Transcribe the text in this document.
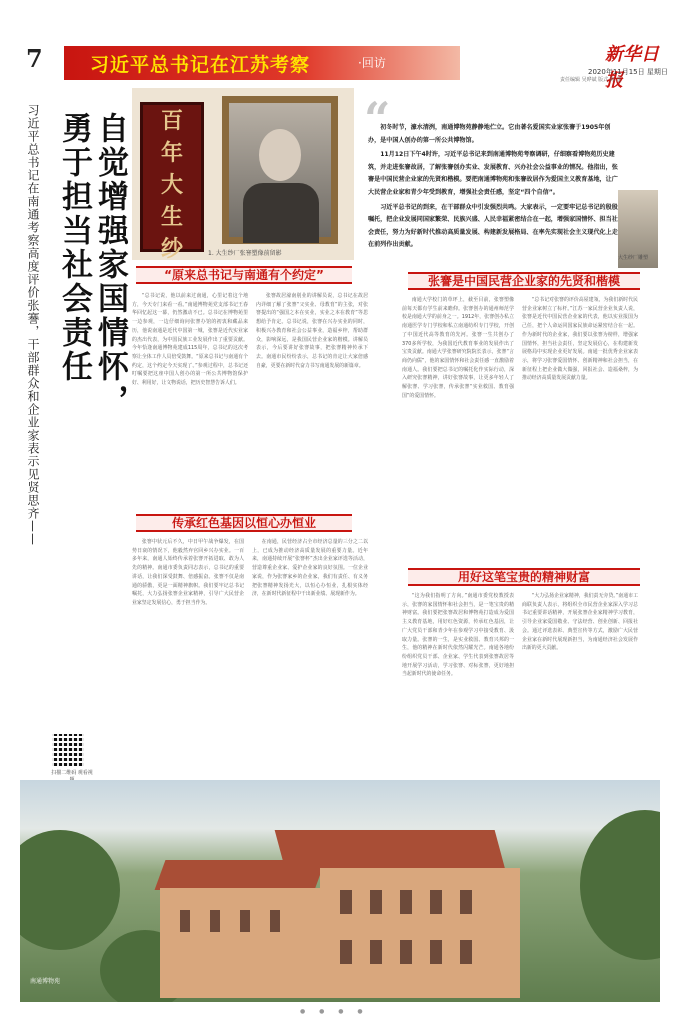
7 习近平总书记在江苏考察	·回访	新华日报
2020年11月15日 星期日
责任编辑 吴晔斌 版式 陈 遂
习近平总书记在南通考察高度评价张謇，干部群众和企业家表示见贤思齐—— 自觉增强家国情怀，
勇于担当社会责任	百
年
大
生
纱	1. 大生纱厂张謇塑像前留影
“

初冬时节，濠水清洌，南通博物苑静静地伫立。它由著名爱国实业家张謇于1905年创办，是中国人创办的第一所公共博物馆。

11月12日下午4时许，习近平总书记来到南通博物苑考察调研，仔细察看博物苑历史建筑，并走进张謇故居，了解张謇创办实业、发展教育、兴办社会公益事业的情况。他指出，张謇是中国民营企业家的先贤和楷模。要把南通博物苑和张謇故居作为爱国主义教育基地，让广大民营企业家和青少年受到教育，增强社会责任感，坚定“四个自信”。

习近平总书记的到来，在干部群众中引发强烈共鸣。大家表示，一定要牢记总书记的殷殷嘱托，把企业发展同国家繁荣、民族兴盛、人民幸福紧密结合在一起，增强家国情怀、担当社会责任，努力为好新时代推动高质量发展、构建新发展格局、在率先实现社会主义现代化上走在前列作出贡献。

大生纱厂雕塑
“原来总书记与南通有个约定”	张謇是中国民营企业家的先贤和楷模
传承红色基因以恒心办恒业
用好这笔宝贵的精神财富
“总书记说，他以前来过南通，心里记着这个地方，今天专门来看一看。”南通博物苑党支部书记王春华回忆起这一幕，仍然激动不已。总书记在博物苑里一边参观，一边仔细询问张謇办馆的初衷和藏品来历，他说南通是近代中国第一城，张謇是近代实业家的杰出代表，为中国民族工业发展作出了重要贡献。今年恰逢南通博物苑建成115周年，总书记的这次考察让全体工作人员倍受鼓舞。“原来总书记与南通有个约定，这个约定今天实现了。”参观过程中，总书记还叮嘱要把这座中国人创办的第一所公共博物馆保护好、利用好，让文物说话，把历史智慧告诉人们。
张謇故居濠南别业的讲解员说，总书记在故居内详细了解了张謇“父实业、母教育”的主张，对张謇提出的“强国之本在实业，实业之本在教育”等思想给予肯定。总书记说，张謇在兴办实业的同时，积极兴办教育和社会公益事业，造福乡梓，帮助群众，影响深远，是我国民营企业家的楷模。讲解员表示，今后要讲好张謇故事，把张謇精神传承下去。南通市民纷纷表示，总书记的肯定让大家倍感自豪，更要在新时代奋力书写南通发展的新篇章。
张謇中状元后不久，中日甲午战争爆发，在国势日衰的情况下，他毅然弃官回乡兴办实业。一百多年来，南通人始终传承着张謇开拓进取、敢为人先的精神。南通市委负责同志表示，总书记的重要讲话，让我们深受鼓舞、倍感振奋。张謇不仅是南通的骄傲，更是一面精神旗帜。我们要牢记总书记嘱托，大力弘扬张謇企业家精神，引导广大民营企业家坚定发展信心，勇于担当作为。
在南通，民营经济占全市经济总量的三分之二以上，已成为推动经济高质量发展的重要力量。近年来，南通持续开展“张謇杯”杰出企业家评选等活动，营造尊重企业家、爱护企业家的良好氛围。一位企业家说，作为张謇家乡的企业家，我们有责任、有义务把张謇精神发扬光大，以恒心办恒业，扎根实体经济，在新时代新征程中干出新业绩、展现新作为。
南通大学校门的草坪上，截至目前，张謇塑像前每天都有学生前来瞻仰。张謇创办的通州师范学校是南通大学的前身之一。1912年，张謇创办私立南通医学专门学校和私立南通纺织专门学校，开创了中国近代高等教育的先河。张謇一生共创办了370多所学校，为我国近代教育事业的发展作出了宝贵贡献。南通大学张謇研究院院长表示，张謇“言商仍向儒”，他的家国情怀和社会责任感一直激励着南通人。我们要把总书记的嘱托化作实际行动，深入研究张謇精神，讲好张謇故事，让更多年轻人了解张謇、学习张謇，传承张謇“实业救国、教育强国”的爱国情怀。
“总书记对张謇的评价高屋建瓴，为我们新时代民营企业家树立了标杆。”江苏一家民营企业负责人说，张謇是近代中国民营企业家的代表，他以实业报国为己任，把个人命运同国家民族命运紧密结合在一起。作为新时代的企业家，我们要以张謇为榜样，增强家国情怀，担当社会责任，坚定发展信心，在构建新发展格局中实现企业更好发展。南通一批优秀企业家表示，将学习张謇爱国情怀、创新精神和社会担当，在新征程上把企业做大做强，回报社会、造福桑梓，为推动经济高质量发展贡献力量。
“这为我们指明了方向。”南通市委党校教授表示，张謇的家国情怀和社会担当，是一笔宝贵的精神财富。我们要把张謇故居和博物苑打造成为爱国主义教育基地，用好红色资源，传承红色基因，让广大党员干部和青少年在参观学习中接受教育、汲取力量。张謇的一生，是实业救国、教育兴邦的一生，他的精神在新时代依然闪耀光芒。南通各地纷纷组织党员干部、企业家、学生代表到张謇故居等地开展学习活动，学习张謇、对标张謇，更好地担当起新时代的使命任务。
“大力弘扬企业家精神，我们责无旁贷。”南通市工商联负责人表示，将组织全市民营企业家深入学习总书记重要讲话精神，开展张謇企业家精神学习教育，引导企业家爱国敬业、守法经营、创业创新、回报社会。通过评选表彰、典型宣传等方式，激励广大民营企业家在新时代展现新担当，为南通经济社会发展作出新的更大贡献。
扫描二维码 观看视
南通博物苑
● ● ● ●
